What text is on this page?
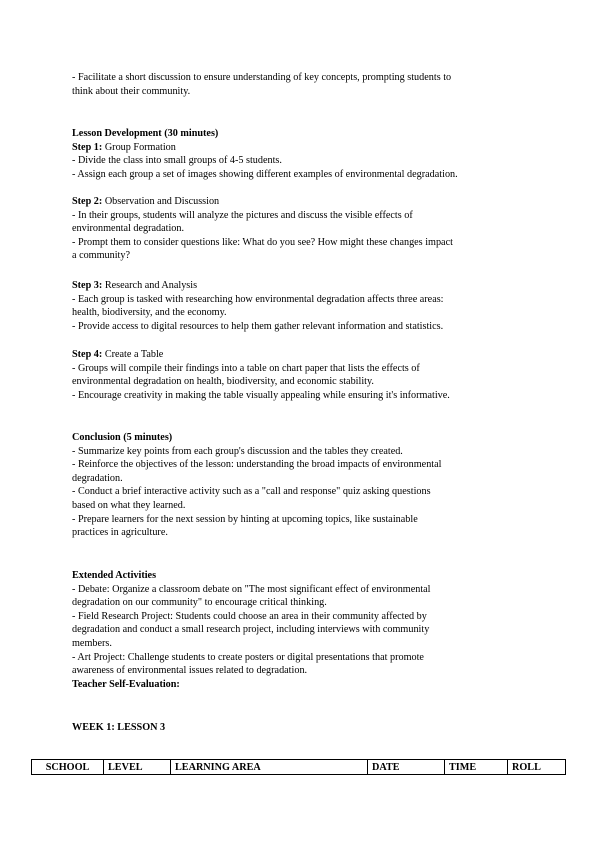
- Facilitate a short discussion to ensure understanding of key concepts, prompting students to
think about their community.
Lesson Development (30 minutes)
Step 1: Group Formation
- Divide the class into small groups of 4-5 students.
- Assign each group a set of images showing different examples of environmental degradation.
Step 2: Observation and Discussion
- In their groups, students will analyze the pictures and discuss the visible effects of
environmental degradation.
- Prompt them to consider questions like: What do you see? How might these changes impact
a community?
Step 3: Research and Analysis
- Each group is tasked with researching how environmental degradation affects three areas:
health, biodiversity, and the economy.
- Provide access to digital resources to help them gather relevant information and statistics.
Step 4: Create a Table
- Groups will compile their findings into a table on chart paper that lists the effects of
environmental degradation on health, biodiversity, and economic stability.
- Encourage creativity in making the table visually appealing while ensuring it's informative.
Conclusion (5 minutes)
- Summarize key points from each group's discussion and the tables they created.
- Reinforce the objectives of the lesson: understanding the broad impacts of environmental
degradation.
- Conduct a brief interactive activity such as a "call and response" quiz asking questions
based on what they learned.
- Prepare learners for the next session by hinting at upcoming topics, like sustainable
practices in agriculture.
Extended Activities
- Debate: Organize a classroom debate on "The most significant effect of environmental
degradation on our community" to encourage critical thinking.
- Field Research Project: Students could choose an area in their community affected by
degradation and conduct a small research project, including interviews with community
members.
- Art Project: Challenge students to create posters or digital presentations that promote
awareness of environmental issues related to degradation.
Teacher Self-Evaluation:
WEEK 1: LESSON 3
SCHOOL	LEVEL	LEARNING AREA	DATE	TIME	ROLL
